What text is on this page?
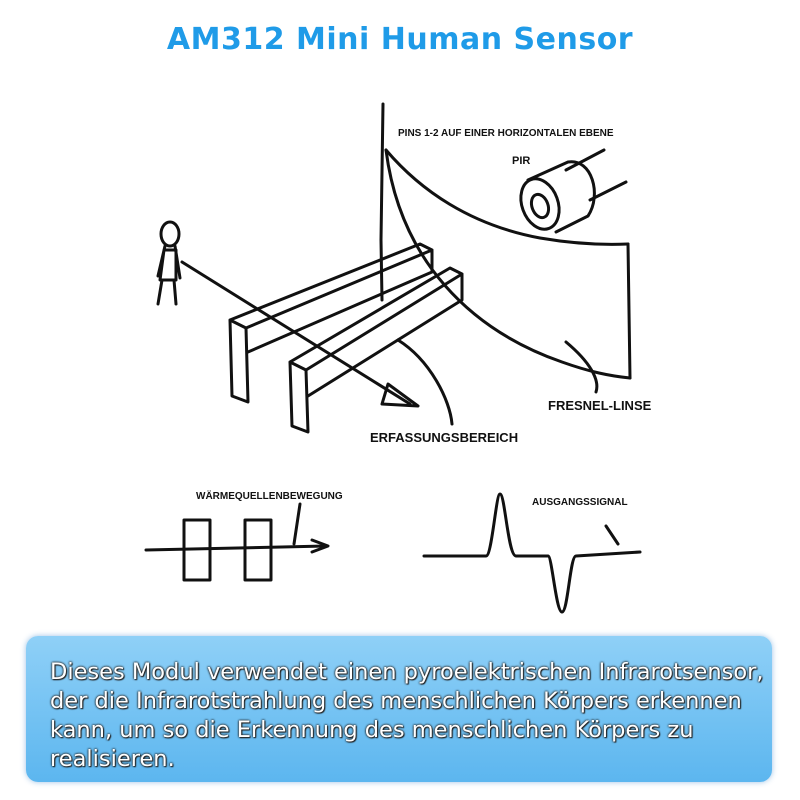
AM312 Mini Human Sensor
PINS 1-2 AUF EINER HORIZONTALEN EBENE
PIR
FRESNEL-LINSE
ERFASSUNGSBEREICH
WÄRMEQUELLENBEWEGUNG
AUSGANGSSIGNAL
Dieses Modul verwendet einen pyroelektrischen Infrarotsensor, der die Infrarotstrahlung des menschlichen Körpers erkennen kann, um so die Erkennung des menschlichen Körpers zu realisieren.
